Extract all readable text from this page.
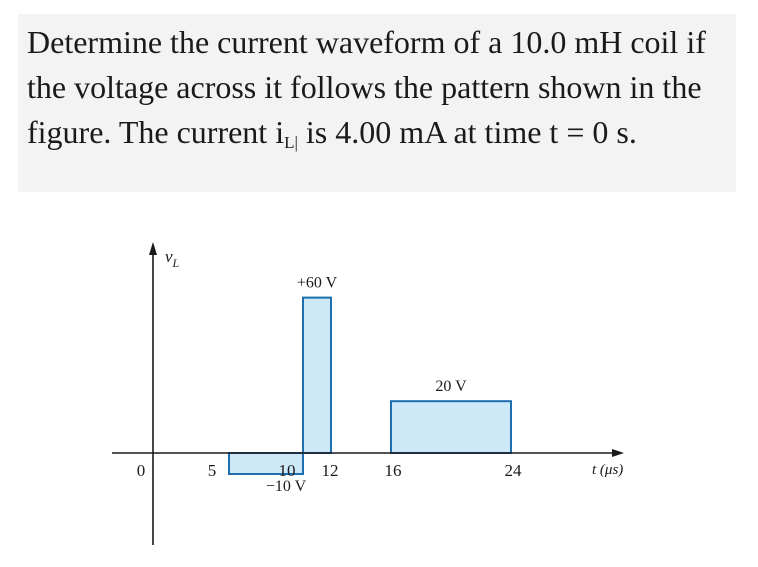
Determine the current waveform of a 10.0 mH coil if the voltage across it follows the pattern shown in the figure. The current $i_{L|}$ is 4.00 mA at time t = 0 s.
$v_L$
t (μs)
0	5	10 12	16	24
+60 V
20 V
−10 V
